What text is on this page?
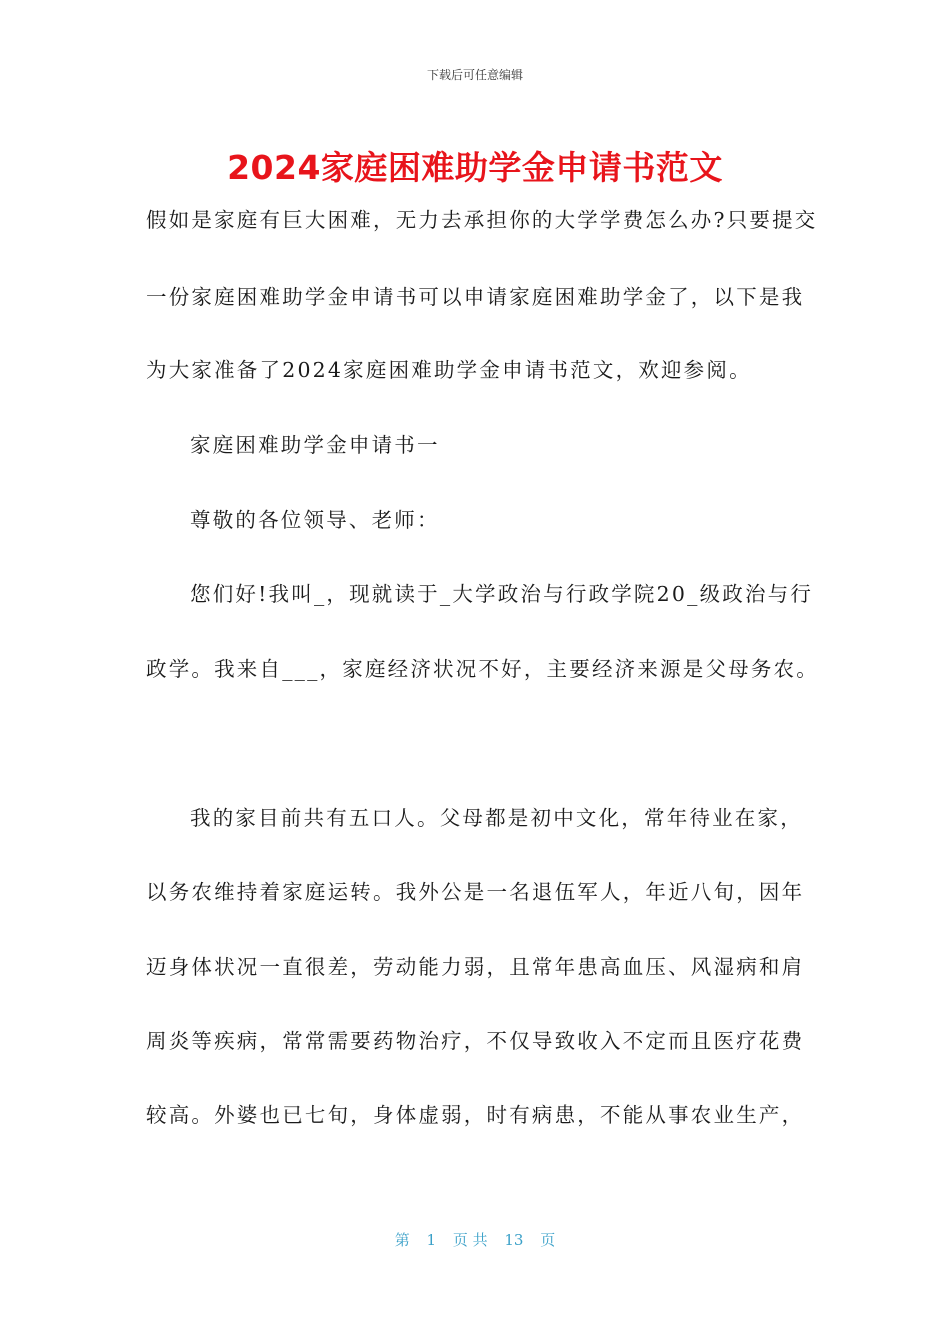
下载后可任意编辑
2024家庭困难助学金申请书范文
假如是家庭有巨大困难，无力去承担你的大学学费怎么办?只要提交
一份家庭困难助学金申请书可以申请家庭困难助学金了，以下是我
为大家准备了2024家庭困难助学金申请书范文，欢迎参阅。
家庭困难助学金申请书一
尊敬的各位领导、老师：
您们好!我叫_，现就读于_大学政治与行政学院20_级政治与行
政学。我来自___，家庭经济状况不好，主要经济来源是父母务农。
我的家目前共有五口人。父母都是初中文化，常年待业在家，
以务农维持着家庭运转。我外公是一名退伍军人，年近八旬，因年
迈身体状况一直很差，劳动能力弱，且常年患高血压、风湿病和肩
周炎等疾病，常常需要药物治疗，不仅导致收入不定而且医疗花费
较高。外婆也已七旬，身体虚弱，时有病患，不能从事农业生产，
第 1 页 共 13 页
